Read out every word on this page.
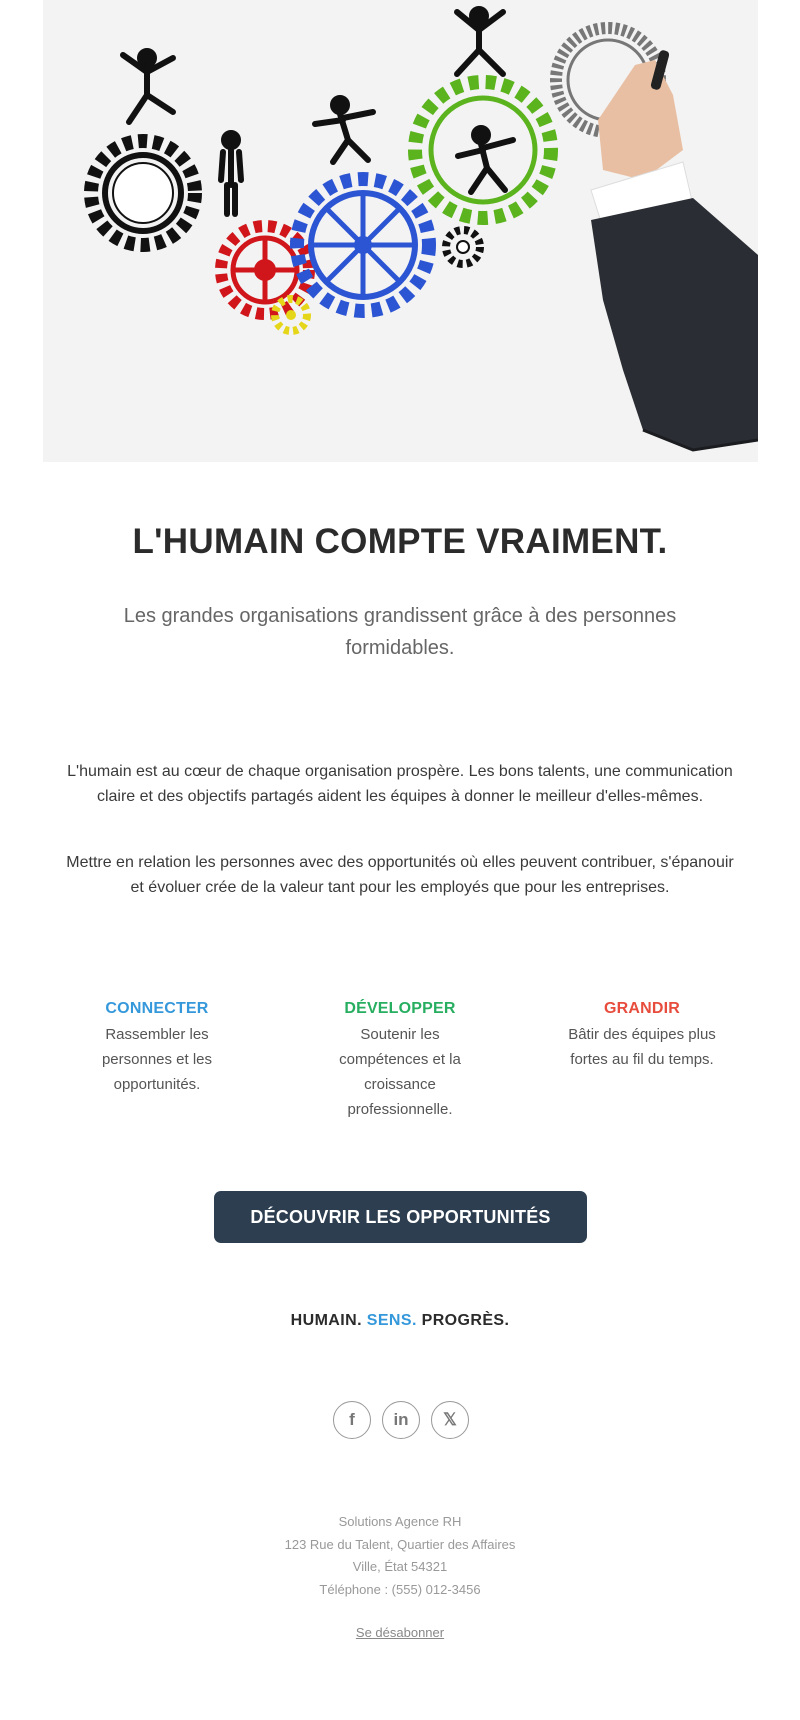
L'HUMAIN COMPTE VRAIMENT.

Les grandes organisations grandissent grâce à des personnes formidables.

L'humain est au cœur de chaque organisation prospère. Les bons talents, une communication claire et des objectifs partagés aident les équipes à donner le meilleur d'elles-mêmes.

Mettre en relation les personnes avec des opportunités où elles peuvent contribuer, s'épanouir et évoluer crée de la valeur tant pour les employés que pour les entreprises.

CONNECTER

Rassembler les personnes et les opportunités.

DÉVELOPPER

Soutenir les compétences et la croissance professionnelle.

GRANDIR

Bâtir des équipes plus fortes au fil du temps.

DÉCOUVRIR LES OPPORTUNITÉS
HUMAIN. SENS. PROGRÈS.
f	in	𝕏
Solutions Agence RH
123 Rue du Talent, Quartier des Affaires
Ville, État 54321
Téléphone : (555) 012-3456
Se désabonner
